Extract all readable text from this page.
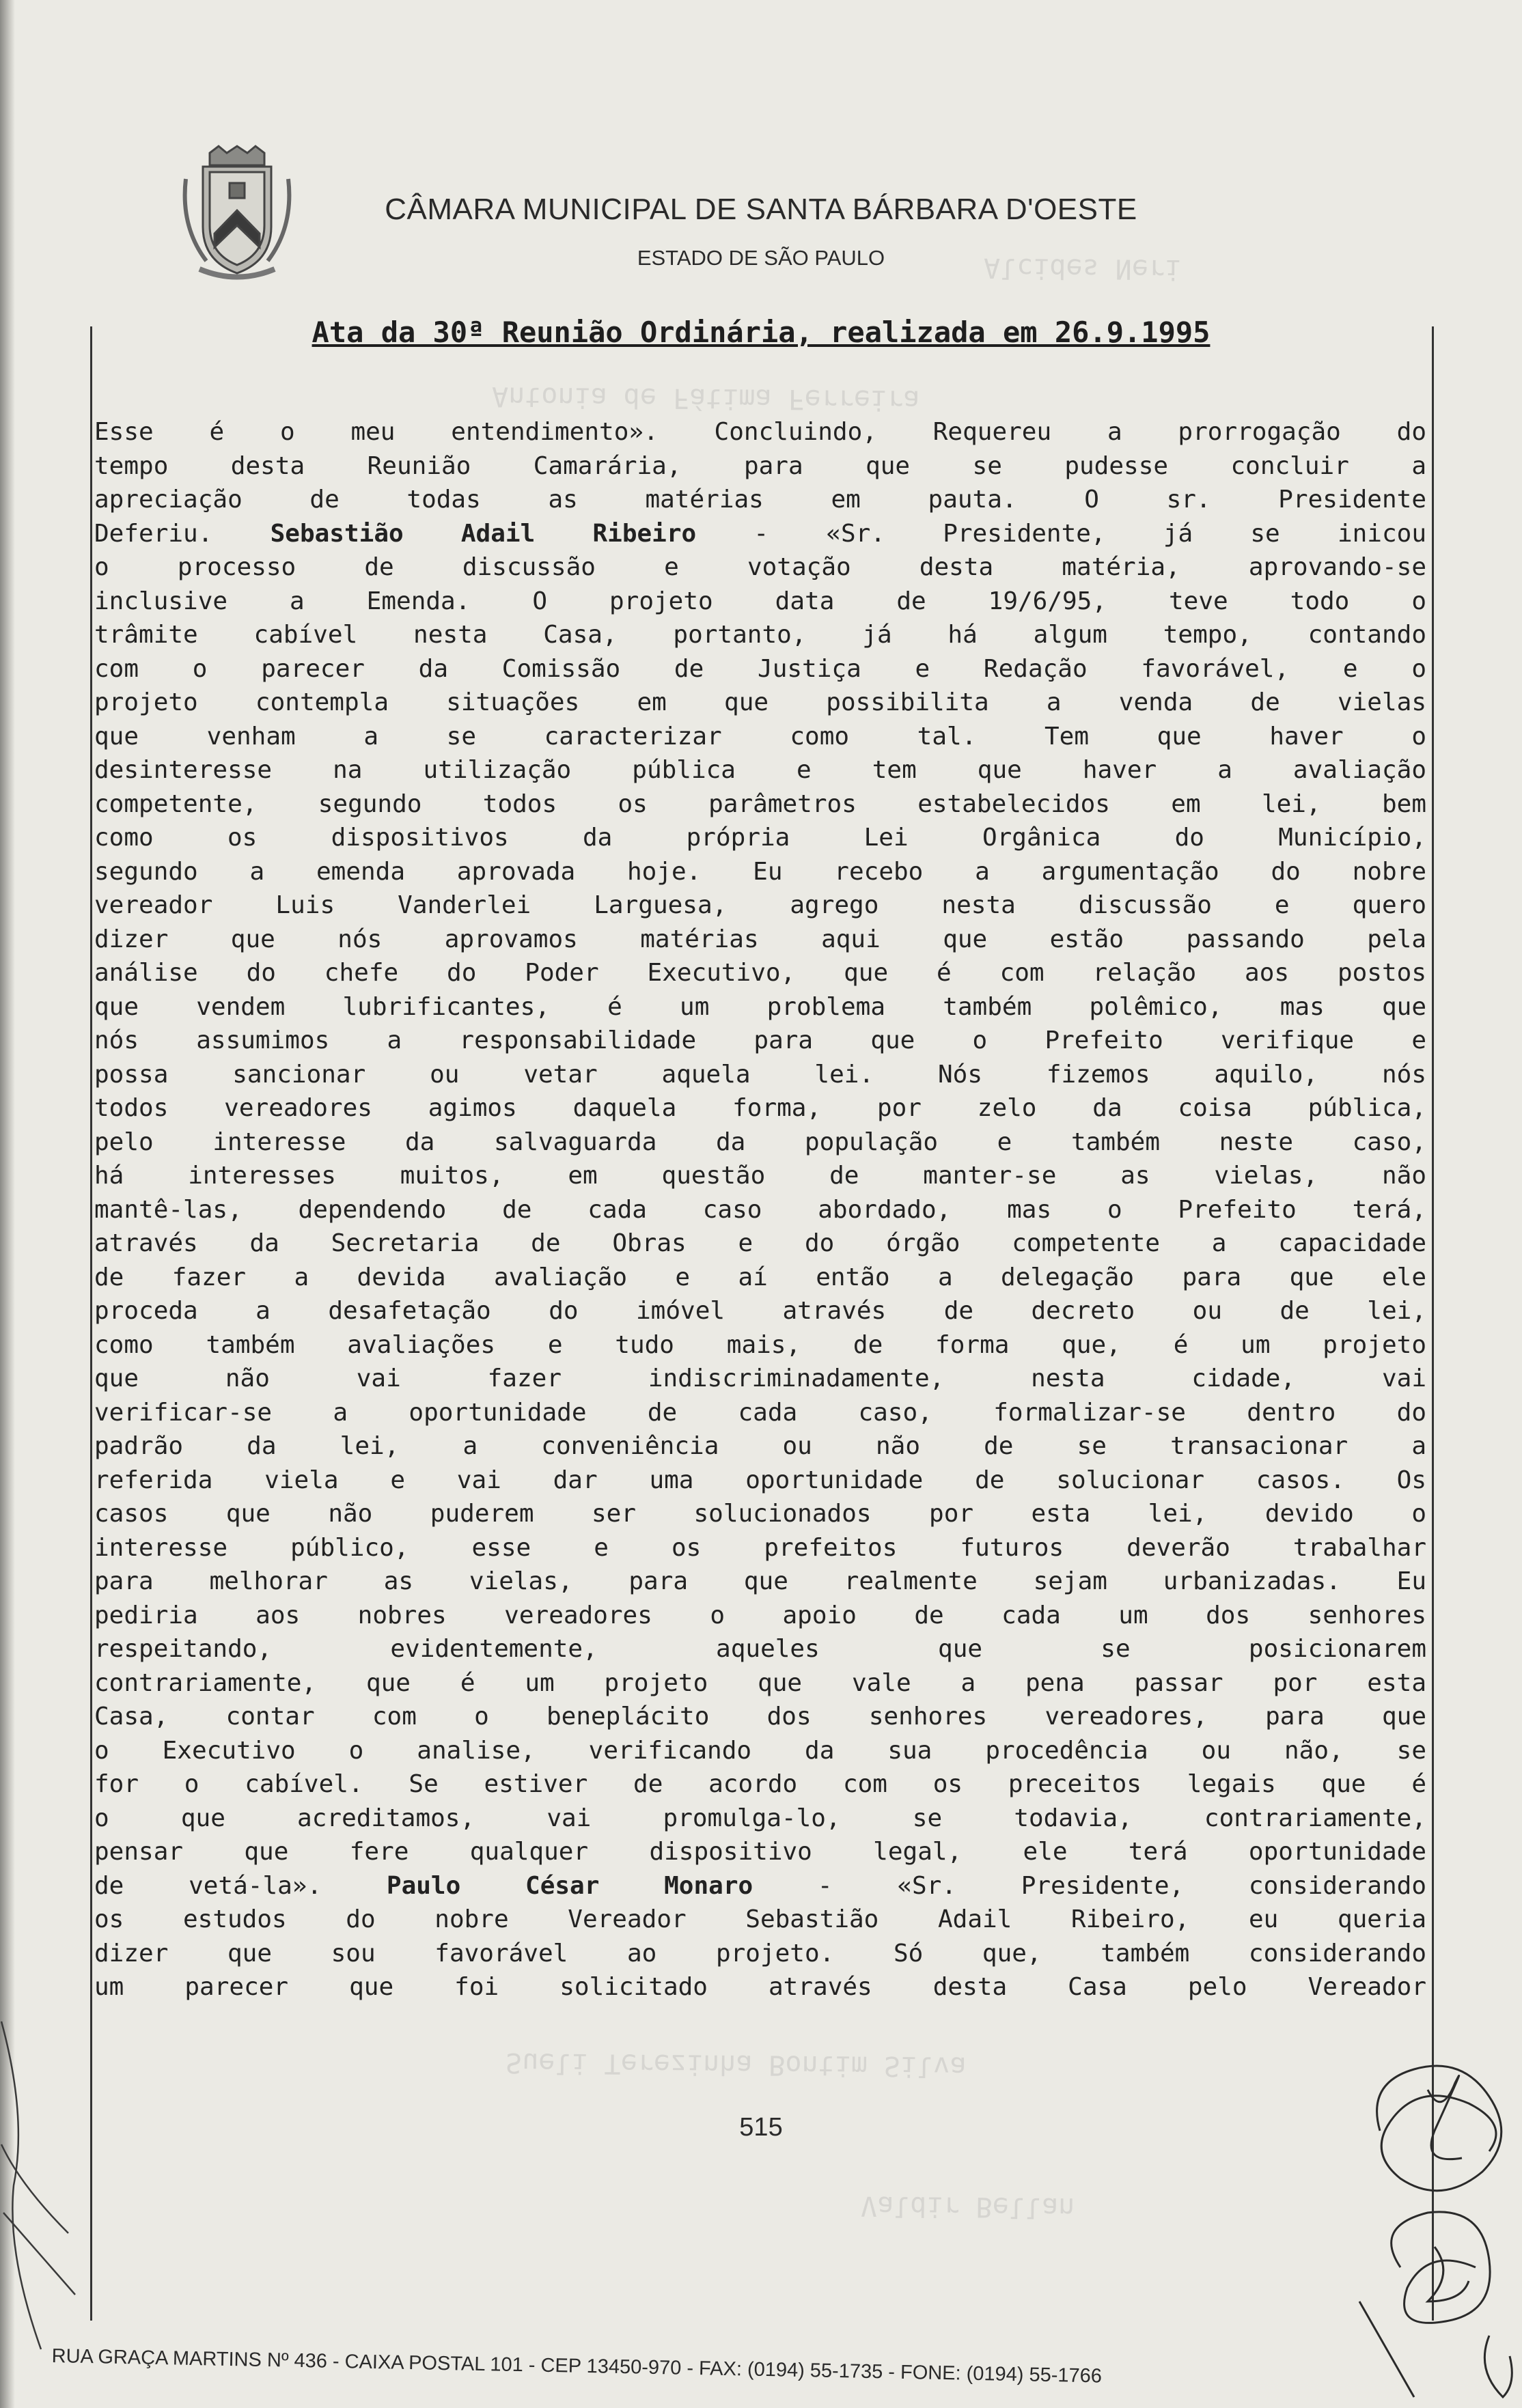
Alcides Neri
Antonia de Fátima Ferreira
Sueli Terezinha Bontim Silva
Valdir Bellan
CÂMARA MUNICIPAL DE SANTA BÁRBARA D'OESTE
ESTADO DE SÃO PAULO
Ata da 30ª Reunião Ordinária, realizada em 26.9.1995
Esse é o meu entendimento». Concluindo, Requereu a prorrogação do
tempo desta Reunião Camarária, para que se pudesse concluir a
apreciação de todas as matérias em pauta. O sr. Presidente
Deferiu. Sebastião Adail Ribeiro - «Sr. Presidente, já se inicou
o processo de discussão e votação desta matéria, aprovando-se
inclusive a Emenda. O projeto data de 19/6/95, teve todo o
trâmite cabível nesta Casa, portanto, já há algum tempo, contando
com o parecer da Comissão de Justiça e Redação favorável, e o
projeto contempla situações em que possibilita a venda de vielas
que venham a se caracterizar como tal. Tem que haver o
desinteresse na utilização pública e tem que haver a avaliação
competente, segundo todos os parâmetros estabelecidos em lei, bem
como os dispositivos da própria Lei Orgânica do Município,
segundo a emenda aprovada hoje. Eu recebo a argumentação do nobre
vereador Luis Vanderlei Larguesa, agrego nesta discussão e quero
dizer que nós aprovamos matérias aqui que estão passando pela
análise do chefe do Poder Executivo, que é com relação aos postos
que vendem lubrificantes, é um problema também polêmico, mas que
nós assumimos a responsabilidade para que o Prefeito verifique e
possa sancionar ou vetar aquela lei. Nós fizemos aquilo, nós
todos vereadores agimos daquela forma, por zelo da coisa pública,
pelo interesse da salvaguarda da população e também neste caso,
há interesses muitos, em questão de manter-se as vielas, não
mantê-las, dependendo de cada caso abordado, mas o Prefeito terá,
através da Secretaria de Obras e do órgão competente a capacidade
de fazer a devida avaliação e aí então a delegação para que ele
proceda a desafetação do imóvel através de decreto ou de lei,
como também avaliações e tudo mais, de forma que, é um projeto
que não vai fazer indiscriminadamente, nesta cidade, vai
verificar-se a oportunidade de cada caso, formalizar-se dentro do
padrão da lei, a conveniência ou não de se transacionar a
referida viela e vai dar uma oportunidade de solucionar casos. Os
casos que não puderem ser solucionados por esta lei, devido o
interesse público, esse e os prefeitos futuros deverão trabalhar
para melhorar as vielas, para que realmente sejam urbanizadas. Eu
pediria aos nobres vereadores o apoio de cada um dos senhores
respeitando, evidentemente, aqueles que se posicionarem
contrariamente, que é um projeto que vale a pena passar por esta
Casa, contar com o beneplácito dos senhores vereadores, para que
o Executivo o analise, verificando da sua procedência ou não, se
for o cabível. Se estiver de acordo com os preceitos legais que é
o que acreditamos, vai promulga-lo, se todavia, contrariamente,
pensar que fere qualquer dispositivo legal, ele terá oportunidade
de vetá-la». Paulo César Monaro - «Sr. Presidente, considerando
os estudos do nobre Vereador Sebastião Adail Ribeiro, eu queria
dizer que sou favorável ao projeto. Só que, também considerando
um parecer que foi solicitado através desta Casa pelo Vereador
515
RUA GRAÇA MARTINS Nº 436 - CAIXA POSTAL 101 - CEP 13450-970 - FAX: (0194) 55-1735 - FONE: (0194) 55-1766
